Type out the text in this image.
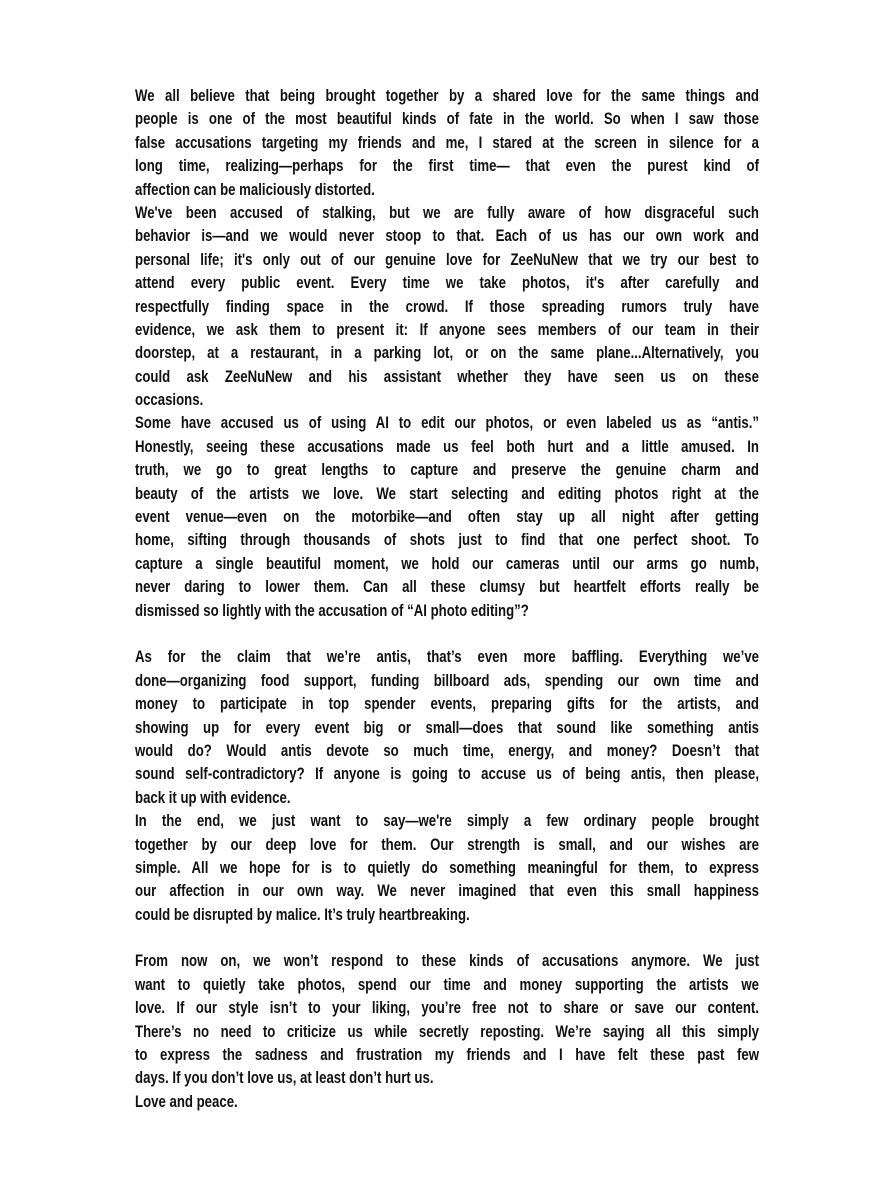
We all believe that being brought together by a shared love for the same things and
people is one of the most beautiful kinds of fate in the world. So when I saw those
false accusations targeting my friends and me, I stared at the screen in silence for a
long time, realizing—perhaps for the first time— that even the purest kind of
affection can be maliciously distorted.
We've been accused of stalking, but we are fully aware of how disgraceful such
behavior is—and we would never stoop to that. Each of us has our own work and
personal life; it's only out of our genuine love for ZeeNuNew that we try our best to
attend every public event. Every time we take photos, it's after carefully and
respectfully finding space in the crowd. If those spreading rumors truly have
evidence, we ask them to present it: If anyone sees members of our team in their
doorstep, at a restaurant, in a parking lot, or on the same plane...Alternatively, you
could ask ZeeNuNew and his assistant whether they have seen us on these
occasions.
Some have accused us of using AI to edit our photos, or even labeled us as “antis.”
Honestly, seeing these accusations made us feel both hurt and a little amused. In
truth, we go to great lengths to capture and preserve the genuine charm and
beauty of the artists we love. We start selecting and editing photos right at the
event venue—even on the motorbike—and often stay up all night after getting
home, sifting through thousands of shots just to find that one perfect shoot. To
capture a single beautiful moment, we hold our cameras until our arms go numb,
never daring to lower them. Can all these clumsy but heartfelt efforts really be
dismissed so lightly with the accusation of “AI photo editing”?
As for the claim that we’re antis, that’s even more baffling. Everything we’ve
done—organizing food support, funding billboard ads, spending our own time and
money to participate in top spender events, preparing gifts for the artists, and
showing up for every event big or small—does that sound like something antis
would do? Would antis devote so much time, energy, and money? Doesn’t that
sound self-contradictory? If anyone is going to accuse us of being antis, then please,
back it up with evidence.
In the end, we just want to say—we're simply a few ordinary people brought
together by our deep love for them. Our strength is small, and our wishes are
simple. All we hope for is to quietly do something meaningful for them, to express
our affection in our own way. We never imagined that even this small happiness
could be disrupted by malice. It’s truly heartbreaking.
From now on, we won’t respond to these kinds of accusations anymore. We just
want to quietly take photos, spend our time and money supporting the artists we
love. If our style isn’t to your liking, you’re free not to share or save our content.
There’s no need to criticize us while secretly reposting. We’re saying all this simply
to express the sadness and frustration my friends and I have felt these past few
days. If you don’t love us, at least don’t hurt us.
Love and peace.
